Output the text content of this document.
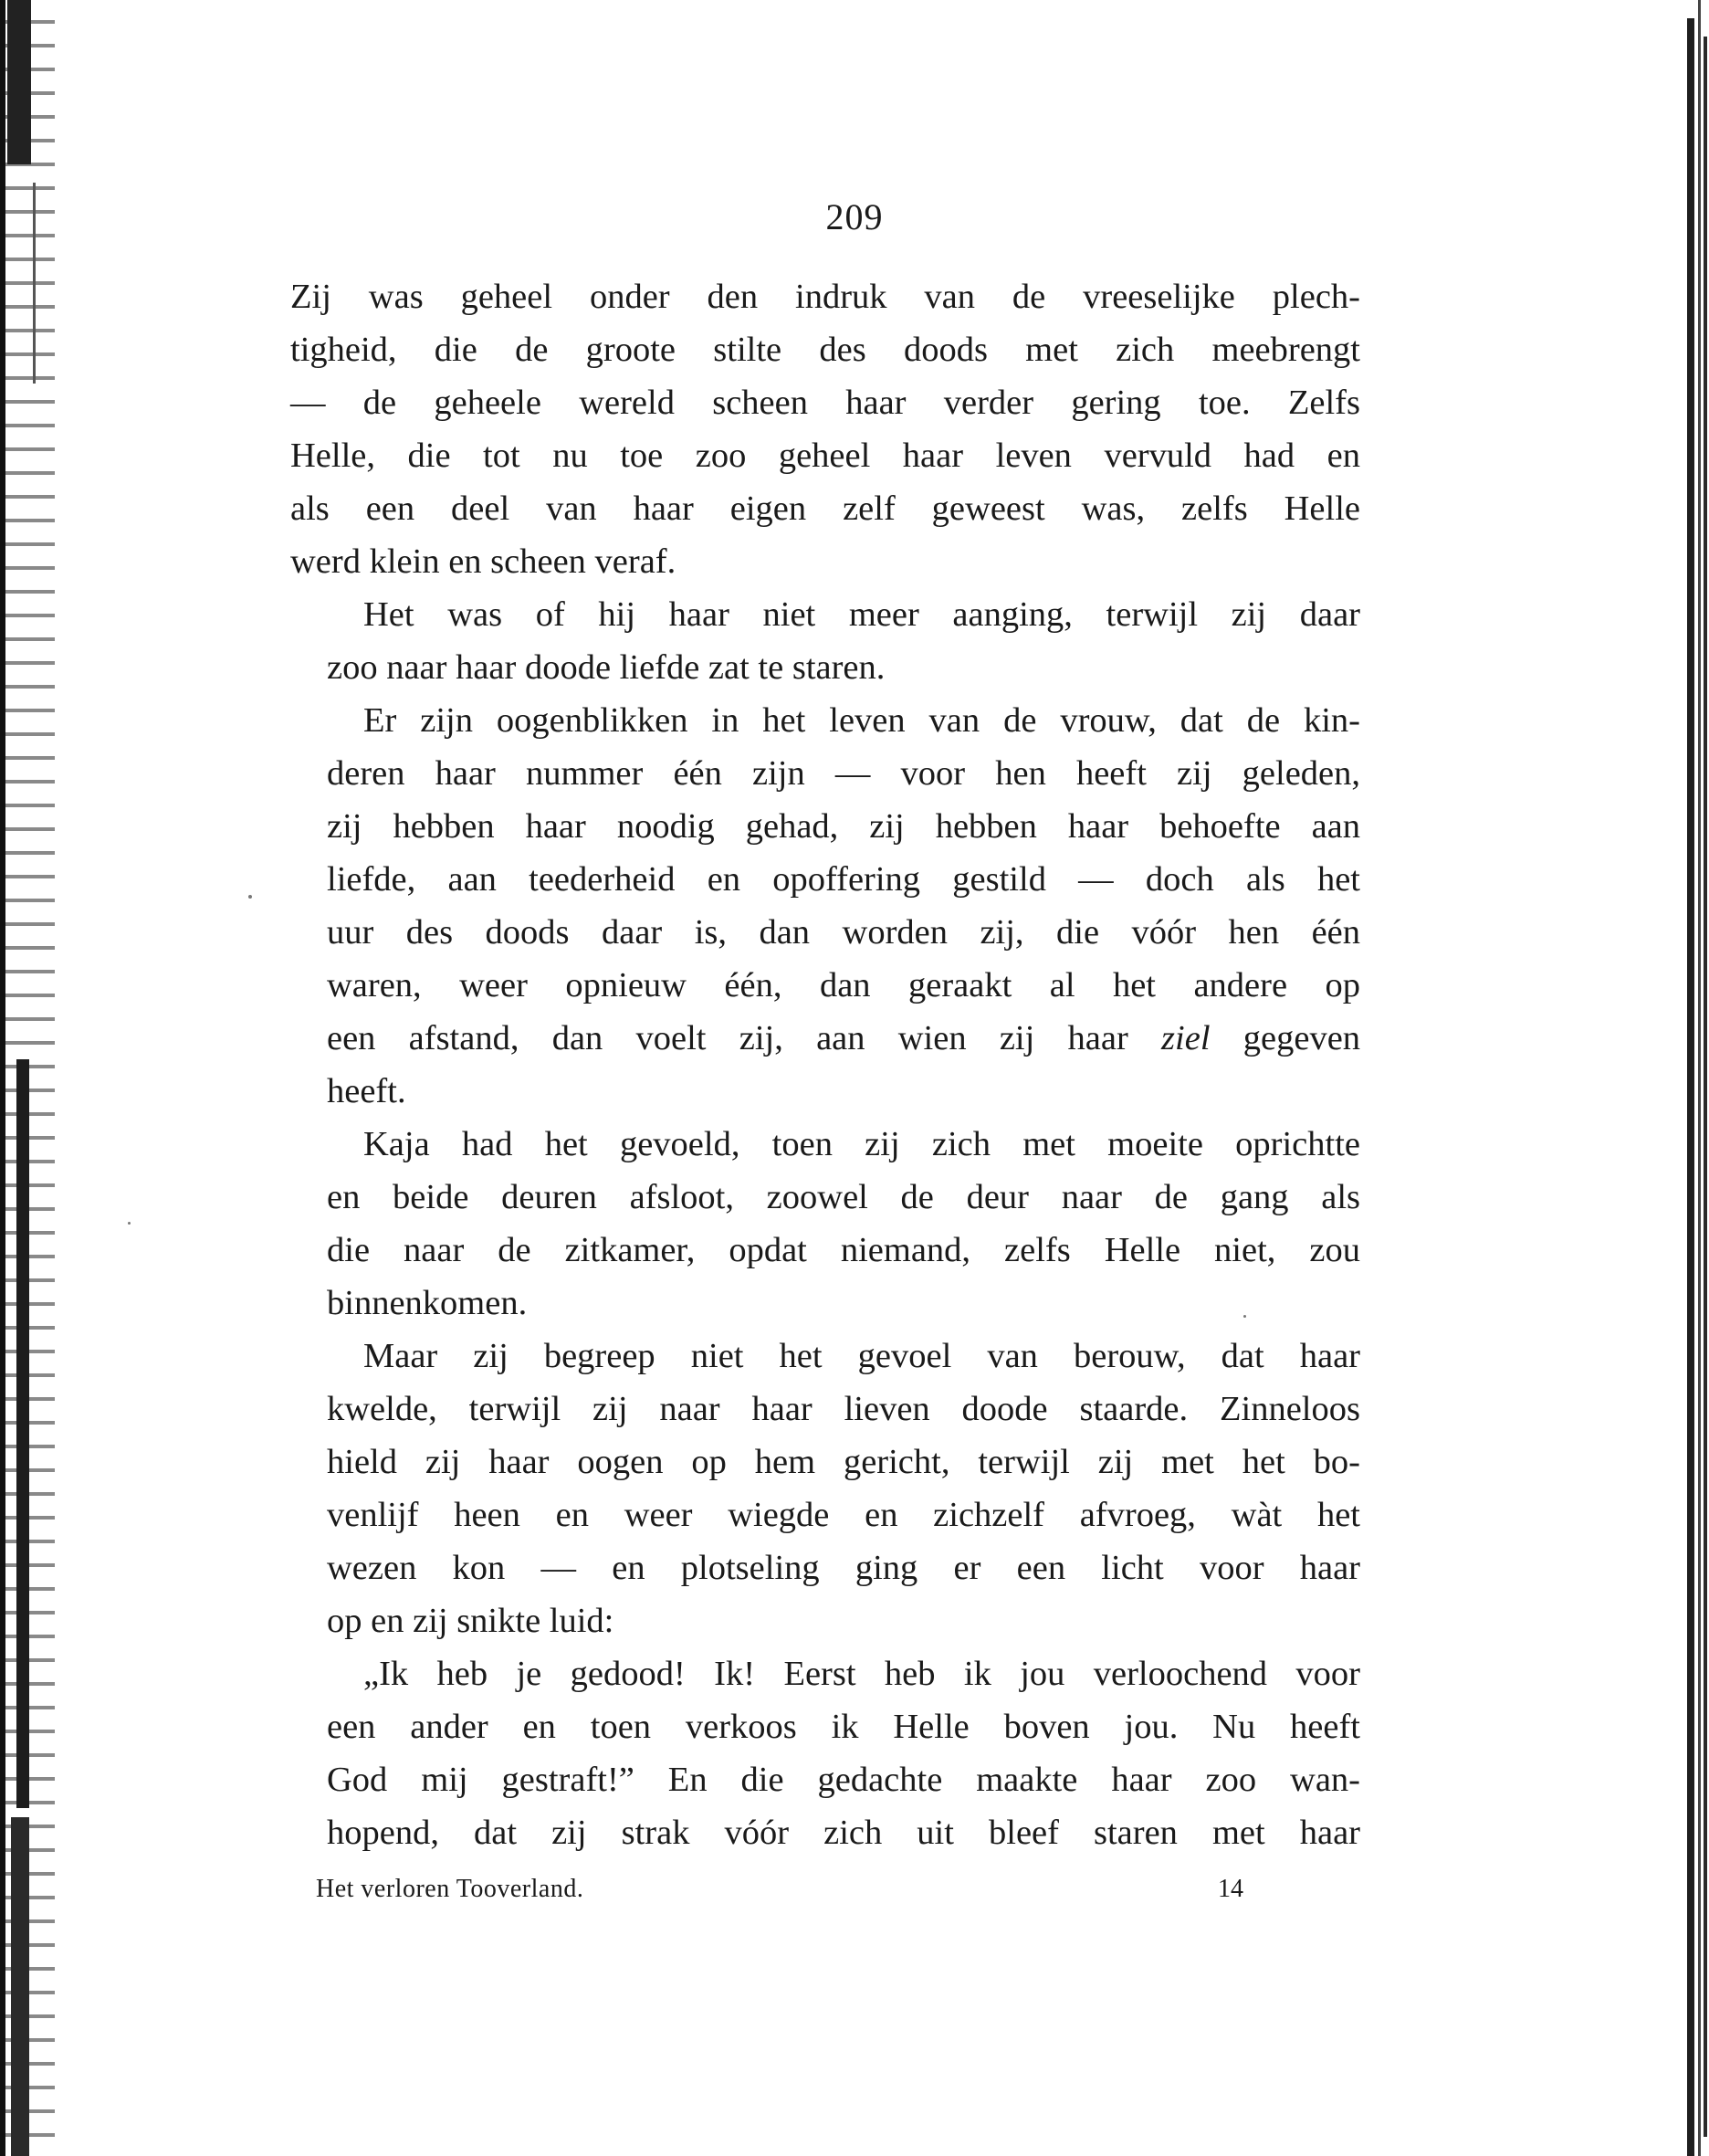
209
Zij was geheel onder den indruk van de vreeselijke plech-
tigheid, die de groote stilte des doods met zich meebrengt
— de geheele wereld scheen haar verder gering toe. Zelfs
Helle, die tot nu toe zoo geheel haar leven vervuld had en
als een deel van haar eigen zelf geweest was, zelfs Helle
werd klein en scheen veraf.
Het was of hij haar niet meer aanging, terwijl zij daar
zoo naar haar doode liefde zat te staren.
Er zijn oogenblikken in het leven van de vrouw, dat de kin-
deren haar nummer één zijn — voor hen heeft zij geleden,
zij hebben haar noodig gehad, zij hebben haar behoefte aan
liefde, aan teederheid en opoffering gestild — doch als het
uur des doods daar is, dan worden zij, die vóór hen één
waren, weer opnieuw één, dan geraakt al het andere op
een afstand, dan voelt zij, aan wien zij haar ziel gegeven
heeft.
Kaja had het gevoeld, toen zij zich met moeite oprichtte
en beide deuren afsloot, zoowel de deur naar de gang als
die naar de zitkamer, opdat niemand, zelfs Helle niet, zou
binnenkomen.
Maar zij begreep niet het gevoel van berouw, dat haar
kwelde, terwijl zij naar haar lieven doode staarde. Zinneloos
hield zij haar oogen op hem gericht, terwijl zij met het bo-
venlijf heen en weer wiegde en zichzelf afvroeg, wàt het
wezen kon — en plotseling ging er een licht voor haar
op en zij snikte luid:
„Ik heb je gedood! Ik! Eerst heb ik jou verloochend voor
een ander en toen verkoos ik Helle boven jou. Nu heeft
God mij gestraft!” En die gedachte maakte haar zoo wan-
hopend, dat zij strak vóór zich uit bleef staren met haar
Het verloren Tooverland.	14
